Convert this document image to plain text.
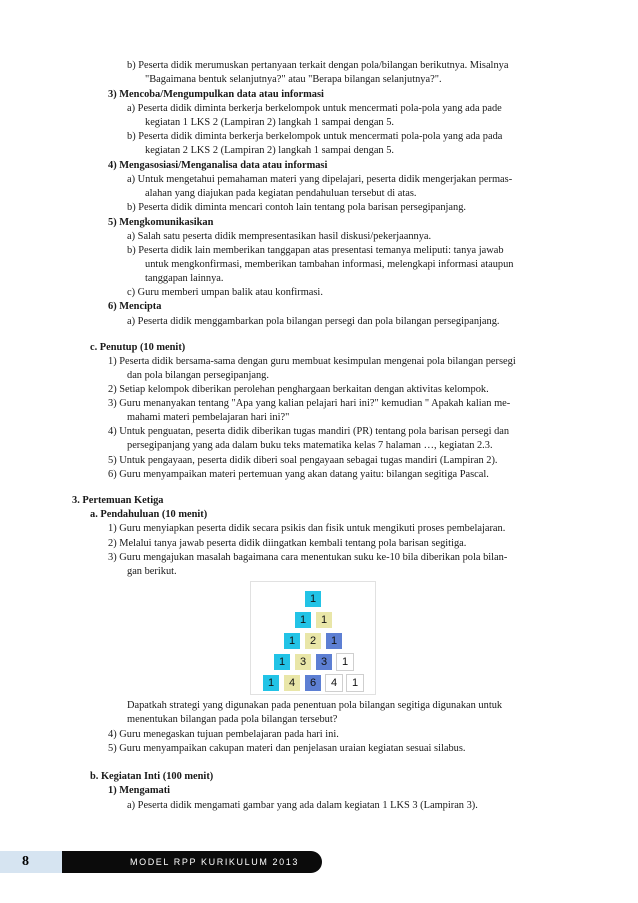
b) Peserta didik merumuskan pertanyaan terkait dengan pola/bilangan berikutnya. Misalnya
"Bagaimana bentuk selanjutnya?" atau "Berapa bilangan selanjutnya?".
3) Mencoba/Mengumpulkan data atau informasi
a) Peserta didik diminta berkerja berkelompok untuk mencermati pola-pola yang ada pade
kegiatan 1 LKS 2 (Lampiran 2) langkah 1 sampai dengan 5.
b) Peserta didik diminta berkerja berkelompok untuk mencermati pola-pola yang ada pada
kegiatan 2 LKS 2 (Lampiran 2) langkah 1 sampai dengan 5.
4) Mengasosiasi/Menganalisa data atau informasi
a) Untuk mengetahui pemahaman materi yang dipelajari, peserta didik mengerjakan permas-
alahan yang diajukan pada kegiatan pendahuluan tersebut di atas.
b) Peserta didik diminta mencari contoh lain tentang pola barisan persegipanjang.
5) Mengkomunikasikan
a) Salah satu peserta didik mempresentasikan hasil diskusi/pekerjaannya.
b) Peserta didik lain memberikan tanggapan atas presentasi temanya meliputi: tanya jawab
untuk mengkonfirmasi, memberikan tambahan informasi, melengkapi informasi ataupun
tanggapan lainnya.
c) Guru memberi umpan balik atau konfirmasi.
6) Mencipta
a) Peserta didik menggambarkan pola bilangan persegi dan pola bilangan persegipanjang.
c. Penutup (10 menit)
1) Peserta didik bersama-sama dengan guru membuat kesimpulan mengenai pola bilangan persegi
dan pola bilangan persegipanjang.
2) Setiap kelompok diberikan perolehan penghargaan berkaitan dengan aktivitas kelompok.
3) Guru menanyakan tentang "Apa yang kalian pelajari hari ini?" kemudian " Apakah kalian me-
mahami materi pembelajaran hari ini?"
4) Untuk penguatan, peserta didik diberikan tugas mandiri (PR) tentang pola barisan persegi dan
persegipanjang yang ada dalam buku teks matematika kelas 7 halaman …, kegiatan 2.3.
5) Untuk pengayaan, peserta didik diberi soal pengayaan sebagai tugas mandiri (Lampiran 2).
6) Guru menyampaikan materi pertemuan yang akan datang yaitu: bilangan segitiga Pascal.
3. Pertemuan Ketiga
a. Pendahuluan (10 menit)
1) Guru menyiapkan peserta didik secara psikis dan fisik untuk mengikuti proses pembelajaran.
2) Melalui tanya jawab peserta didik diingatkan kembali tentang pola barisan segitiga.
3) Guru mengajukan masalah bagaimana cara menentukan suku ke-10 bila diberikan pola bilan-
gan berikut.
Dapatkah strategi yang digunakan pada penentuan pola bilangan segitiga digunakan untuk
menentukan bilangan pada pola bilangan tersebut?
4) Guru menegaskan tujuan pembelajaran pada hari ini.
5) Guru menyampaikan cakupan materi dan penjelasan uraian kegiatan sesuai silabus.
b. Kegiatan Inti (100 menit)
1) Mengamati
a) Peserta didik mengamati gambar yang ada dalam kegiatan 1 LKS 3 (Lampiran 3).
1
1	1
1	2	1
1	3	3	1
1	4	6	4	1
8	MODEL RPP KURIKULUM 2013
